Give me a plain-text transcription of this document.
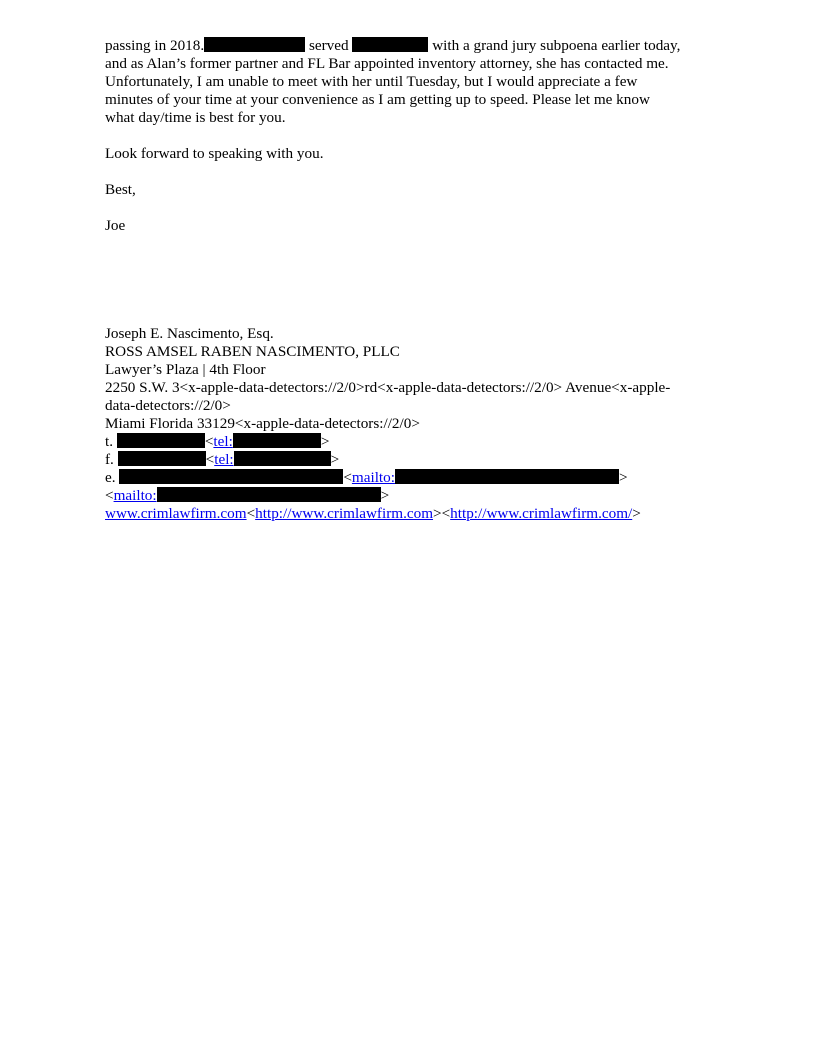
passing in 2018.	served	with a grand jury subpoena earlier today,
and as Alan’s former partner and FL Bar appointed inventory attorney, she has contacted me.
Unfortunately, I am unable to meet with her until Tuesday, but I would appreciate a few
minutes of your time at your convenience as I am getting up to speed. Please let me know
what day/time is best for you.

Look forward to speaking with you.

Best,

Joe

Joseph E. Nascimento, Esq.

ROSS AMSEL RABEN NASCIMENTO, PLLC

Lawyer’s Plaza | 4th Floor

2250 S.W. 3<x-apple-data-detectors://2/0>rd<x-apple-data-detectors://2/0> Avenue<x-apple-

data-detectors://2/0>

Miami Florida 33129<x-apple-data-detectors://2/0>

t.	<tel:	>

f.	<tel:	>

e.	<mailto:	>

<mailto:	>

www.crimlawfirm.com<http://www.crimlawfirm.com><http://www.crimlawfirm.com/>
